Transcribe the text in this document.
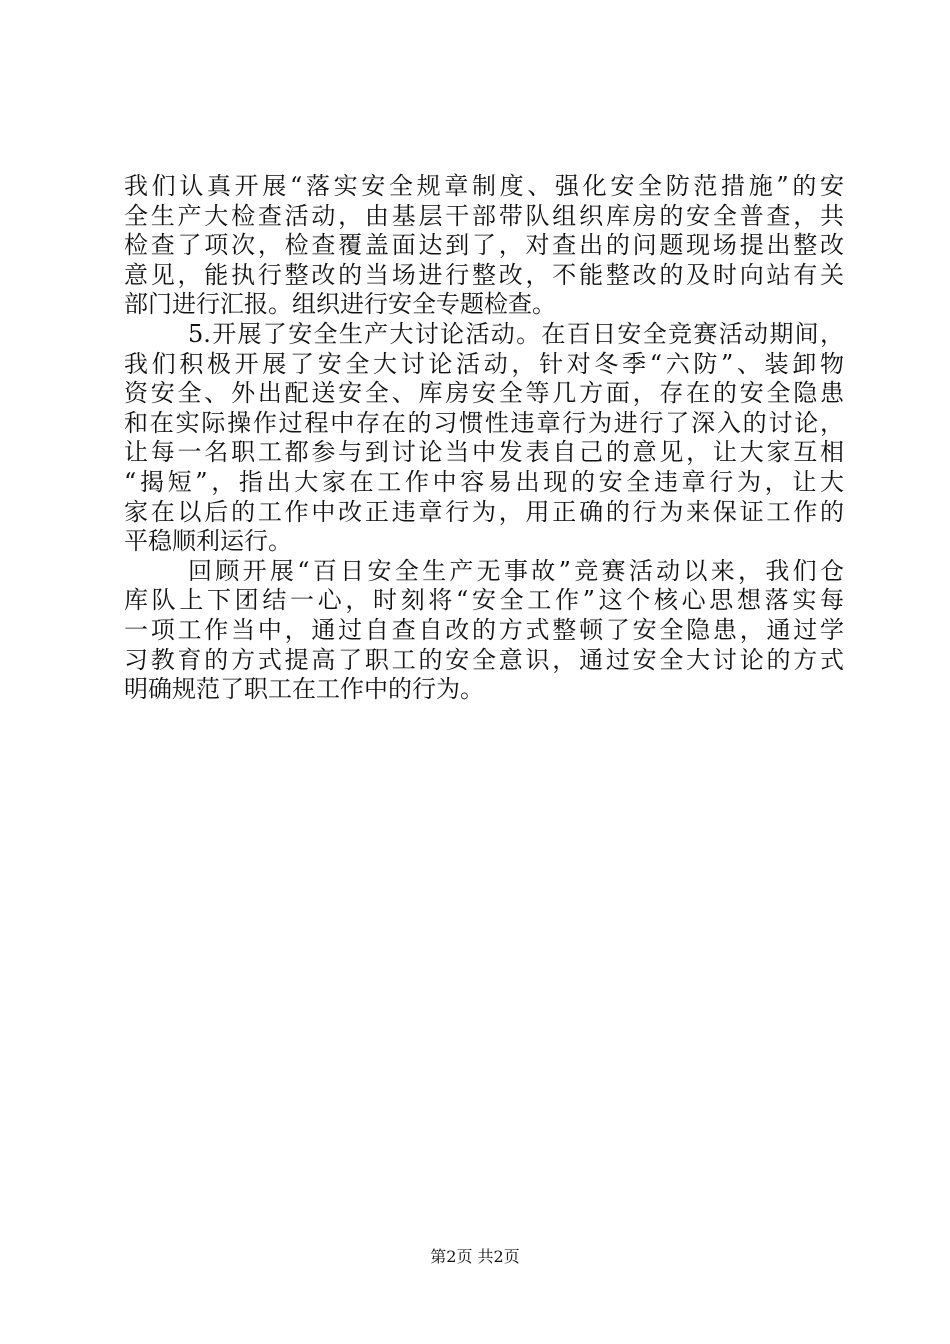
我们认真开展“落实安全规章制度、强化安全防范措施”的安
全生产大检查活动，由基层干部带队组织库房的安全普查，共
检查了项次，检查覆盖面达到了，对查出的问题现场提出整改
意见，能执行整改的当场进行整改，不能整改的及时向站有关
部门进行汇报。组织进行安全专题检查。
5.开展了安全生产大讨论活动。在百日安全竞赛活动期间，
我们积极开展了安全大讨论活动，针对冬季“六防”、装卸物
资安全、外出配送安全、库房安全等几方面，存在的安全隐患
和在实际操作过程中存在的习惯性违章行为进行了深入的讨论，
让每一名职工都参与到讨论当中发表自己的意见，让大家互相
“揭短”，指出大家在工作中容易出现的安全违章行为，让大
家在以后的工作中改正违章行为，用正确的行为来保证工作的
平稳顺利运行。
回顾开展“百日安全生产无事故”竞赛活动以来，我们仓
库队上下团结一心，时刻将“安全工作”这个核心思想落实每
一项工作当中，通过自查自改的方式整顿了安全隐患，通过学
习教育的方式提高了职工的安全意识，通过安全大讨论的方式
明确规范了职工在工作中的行为。
第2页 共2页
